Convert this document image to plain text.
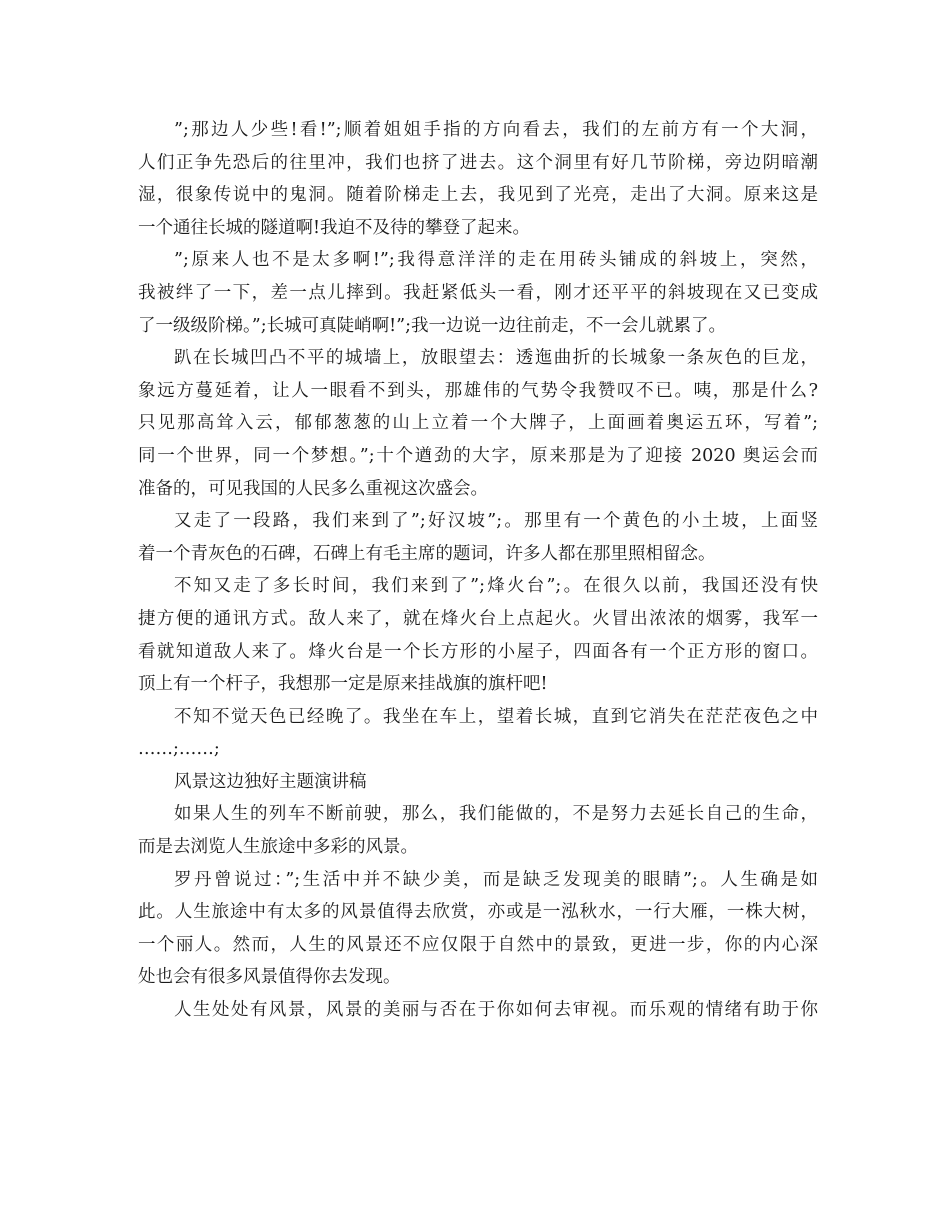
”;那边人少些!看!”;顺着姐姐手指的方向看去，我们的左前方有一个大洞，
人们正争先恐后的往里冲，我们也挤了进去。这个洞里有好几节阶梯，旁边阴暗潮
湿，很象传说中的鬼洞。随着阶梯走上去，我见到了光亮，走出了大洞。原来这是
一个通往长城的隧道啊!我迫不及待的攀登了起来。
”;原来人也不是太多啊!”;我得意洋洋的走在用砖头铺成的斜坡上，突然，
我被绊了一下，差一点儿摔到。我赶紧低头一看，刚才还平平的斜坡现在又已变成
了一级级阶梯。”;长城可真陡峭啊!”;我一边说一边往前走，不一会儿就累了。
趴在长城凹凸不平的城墙上，放眼望去：透迤曲折的长城象一条灰色的巨龙，
象远方蔓延着，让人一眼看不到头，那雄伟的气势令我赞叹不已。咦，那是什么?
只见那高耸入云，郁郁葱葱的山上立着一个大牌子，上面画着奥运五环，写着”;
同一个世界，同一个梦想。”;十个遒劲的大字，原来那是为了迎接 2020 奥运会而
准备的，可见我国的人民多么重视这次盛会。
又走了一段路，我们来到了”;好汉坡”;。那里有一个黄色的小土坡，上面竖
着一个青灰色的石碑，石碑上有毛主席的题词，许多人都在那里照相留念。
不知又走了多长时间，我们来到了”;烽火台”;。在很久以前，我国还没有快
捷方便的通讯方式。敌人来了，就在烽火台上点起火。火冒出浓浓的烟雾，我军一
看就知道敌人来了。烽火台是一个长方形的小屋子，四面各有一个正方形的窗口。
顶上有一个杆子，我想那一定是原来挂战旗的旗杆吧!
不知不觉天色已经晚了。我坐在车上，望着长城，直到它消失在茫茫夜色之中
……;……;
风景这边独好主题演讲稿
如果人生的列车不断前驶，那么，我们能做的，不是努力去延长自己的生命，
而是去浏览人生旅途中多彩的风景。
罗丹曾说过：”;生活中并不缺少美，而是缺乏发现美的眼睛”;。人生确是如
此。人生旅途中有太多的风景值得去欣赏，亦或是一泓秋水，一行大雁，一株大树，
一个丽人。然而，人生的风景还不应仅限于自然中的景致，更进一步，你的内心深
处也会有很多风景值得你去发现。
人生处处有风景，风景的美丽与否在于你如何去审视。而乐观的情绪有助于你
